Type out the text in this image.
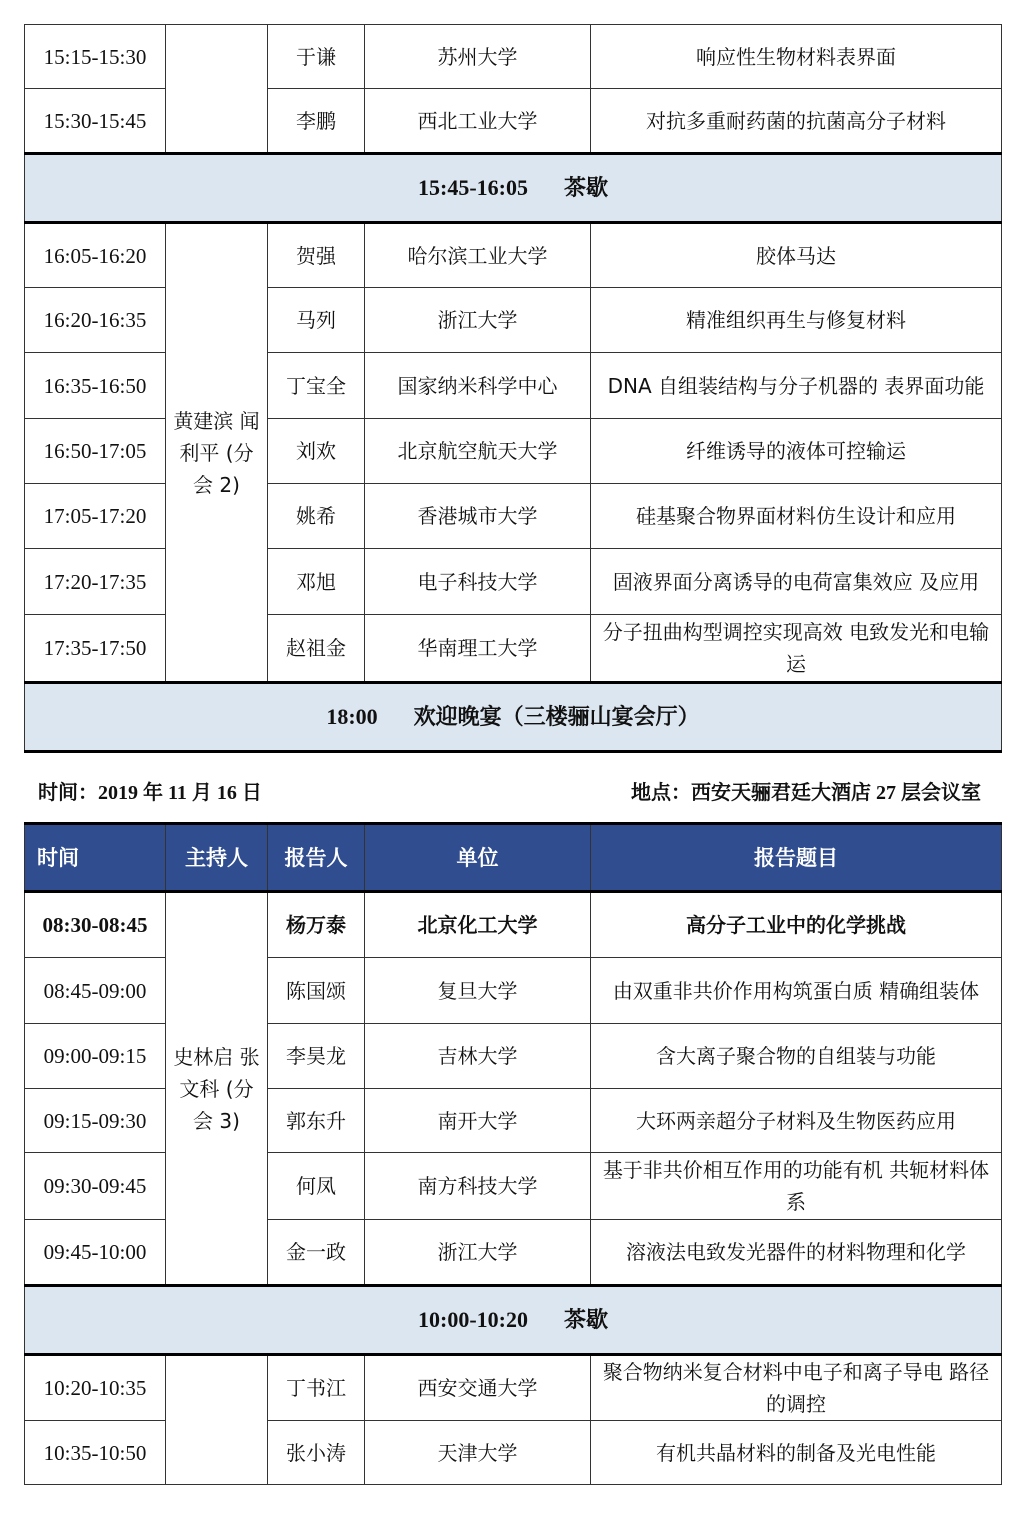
15:15-15:30		于谦	苏州大学	响应性生物材料表界面
15:30-15:45		李鹏	西北工业大学	对抗多重耐药菌的抗菌高分子材料
15:45-16:05 茶歇				
16:05-16:20	黄建滨 闻利平 (分会 2)	贺强	哈尔滨工业大学	胶体马达
16:20-16:35		马列	浙江大学	精准组织再生与修复材料
16:35-16:50		丁宝全	国家纳米科学中心	DNA 自组装结构与分子机器的 表界面功能
16:50-17:05		刘欢	北京航空航天大学	纤维诱导的液体可控输运
17:05-17:20		姚希	香港城市大学	硅基聚合物界面材料仿生设计和应用
17:20-17:35		邓旭	电子科技大学	固液界面分离诱导的电荷富集效应 及应用
17:35-17:50		赵祖金	华南理工大学	分子扭曲构型调控实现高效 电致发光和电输运
18:00 欢迎晚宴（三楼骊山宴会厅）				
时间：2019 年 11 月 16 日	地点：西安天骊君廷大酒店 27 层会议室
时间	主持人	报告人	单位	报告题目
08:30-08:45	史林启 张文科 (分会 3)	杨万泰	北京化工大学	高分子工业中的化学挑战
08:45-09:00		陈国颂	复旦大学	由双重非共价作用构筑蛋白质 精确组装体
09:00-09:15		李昊龙	吉林大学	含大离子聚合物的自组装与功能
09:15-09:30		郭东升	南开大学	大环两亲超分子材料及生物医药应用
09:30-09:45		何凤	南方科技大学	基于非共价相互作用的功能有机 共轭材料体系
09:45-10:00		金一政	浙江大学	溶液法电致发光器件的材料物理和化学
10:00-10:20 茶歇				
10:20-10:35		丁书江	西安交通大学	聚合物纳米复合材料中电子和离子导电 路径的调控
10:35-10:50		张小涛	天津大学	有机共晶材料的制备及光电性能
